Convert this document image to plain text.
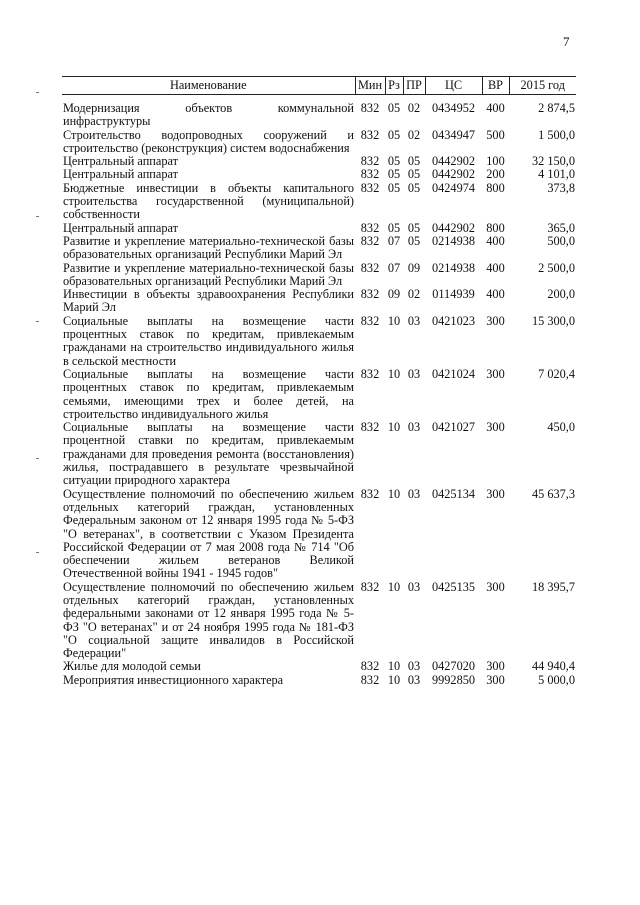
7
Наименование	Мин	Рз	ПР	ЦС	ВР	2015 год
Модернизация объектов коммунальной инфраструктуры	832	05	02	0434952	400	2 874,5
Строительство водопроводных сооружений и строительство (реконструкция) систем водоснабжения	832	05	02	0434947	500	1 500,0
Центральный аппарат	832	05	05	0442902	100	32 150,0
Центральный аппарат	832	05	05	0442902	200	4 101,0
Бюджетные инвестиции в объекты капитального строительства государственной (муниципальной) собственности	832	05	05	0424974	800	373,8
Центральный аппарат	832	05	05	0442902	800	365,0
Развитие и укрепление материально-технической базы образовательных организаций Республики Марий Эл	832	07	05	0214938	400	500,0
Развитие и укрепление материально-технической базы образовательных организаций Республики Марий Эл	832	07	09	0214938	400	2 500,0
Инвестиции в объекты здравоохранения Республики Марий Эл	832	09	02	0114939	400	200,0
Социальные выплаты на возмещение части процентных ставок по кредитам, привлекаемым гражданами на строительство индивидуального жилья в сельской местности	832	10	03	0421023	300	15 300,0
Социальные выплаты на возмещение части процентных ставок по кредитам, привлекаемым семьями, имеющими трех и более детей, на строительство индивидуального жилья	832	10	03	0421024	300	7 020,4
Социальные выплаты на возмещение части процентной ставки по кредитам, привлекаемым гражданами для проведения ремонта (восстановления) жилья, пострадавшего в результате чрезвычайной ситуации природного характера	832	10	03	0421027	300	450,0
Осуществление полномочий по обеспечению жильем отдельных категорий граждан, установленных Федеральным законом от 12 января 1995 года № 5-ФЗ "О ветеранах", в соответствии с Указом Президента Российской Федерации от 7 мая 2008 года № 714 "Об обеспечении жильем ветеранов Великой Отечественной войны 1941 - 1945 годов"	832	10	03	0425134	300	45 637,3
Осуществление полномочий по обеспечению жильем отдельных категорий граждан, установленных федеральными законами от 12 января 1995 года № 5-ФЗ "О ветеранах" и от 24 ноября 1995 года № 181-ФЗ "О социальной защите инвалидов в Российской Федерации"	832	10	03	0425135	300	18 395,7
Жилье для молодой семьи	832	10	03	0427020	300	44 940,4
Мероприятия инвестиционного характера	832	10	03	9992850	300	5 000,0
